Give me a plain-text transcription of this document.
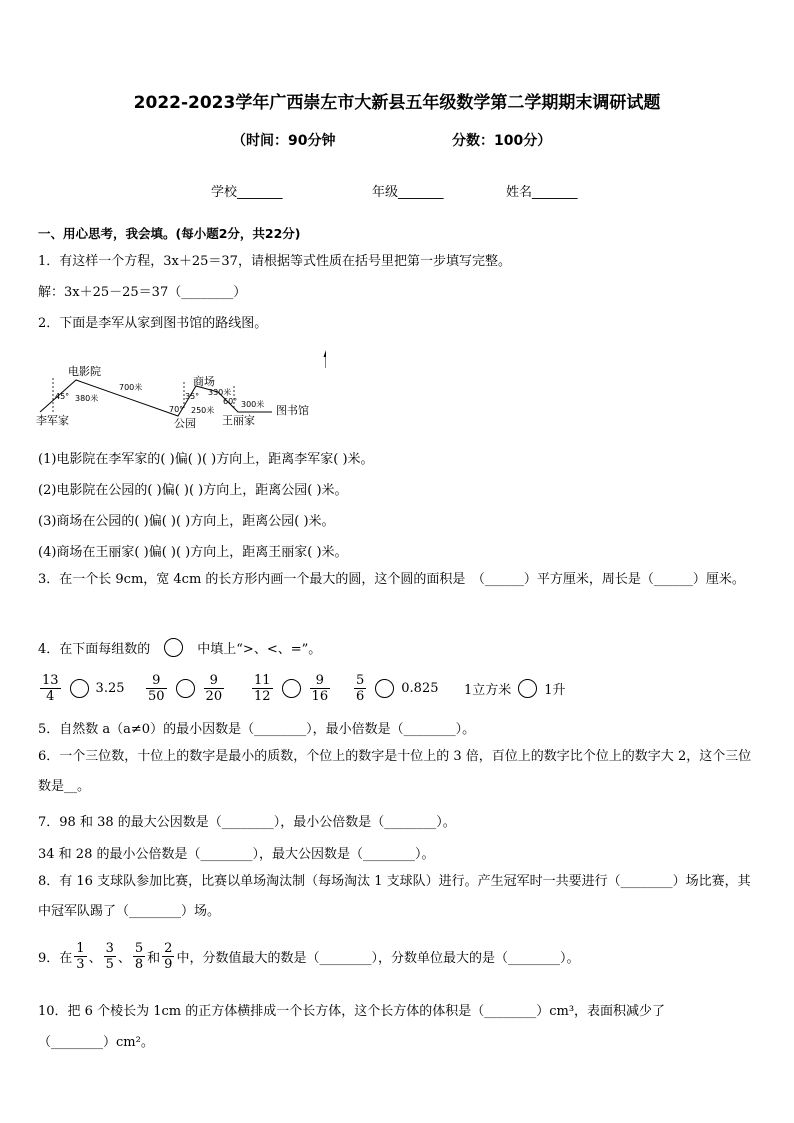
2022-2023学年广西崇左市大新县五年级数学第二学期期末调研试题
（时间：90分钟	分数：100分）
学校_______	年级_______	姓名_______
一、用心思考，我会填。(每小题2分，共22分)
1．有这样一个方程，3x＋25＝37，请根据等式性质在括号里把第一步填写完整。
解：3x＋25－25＝37（________）
2．下面是李军从家到图书馆的路线图。
李军家
电影院
公园
商场
王丽家
图书馆
380米
700米
250米
330米
300米
45°
70°
35°
60°
(1)电影院在李军家的( )偏( )( )方向上，距离李军家( )米。
(2)电影院在公园的( )偏( )( )方向上，距离公园( )米。
(3)商场在公园的( )偏( )( )方向上，距离公园( )米。
(4)商场在王丽家( )偏( )( )方向上，距离王丽家( )米。
3．在一个长 9cm，宽 4cm 的长方形内画一个最大的圆，这个圆的面积是　（______）平方厘米，周长是（______）厘米。
4．在下面每组数的	中填上“>、<、=”。
$\frac{13}{4}$	$3.25 \frac{9}{50}$	$\frac{9}{20} \frac{11}{12}$	$\frac{9}{16} \frac{5}{6}$	0.825 1立方米	1升
5．自然数 a（a≠0）的最小因数是（________），最小倍数是（________）。
6．一个三位数，十位上的数字是最小的质数，个位上的数字是十位上的 3 倍，百位上的数字比个位上的数字大 2，这个三位数是__。
7．98 和 38 的最大公因数是（________），最小公倍数是（________）。
34 和 28 的最小公倍数是（________），最大公因数是（________）。
8．有 16 支球队参加比赛，比赛以单场淘汰制（每场淘汰 1 支球队）进行。产生冠军时一共要进行（________）场比赛，其中冠军队踢了（________）场。
9．在 $\frac{1}{3}$ 、 $\frac{3}{5}$ 、 $\frac{5}{8}$ 和 $\frac{2}{9}$ 中，分数值最大的数是（________），分数单位最大的是（________）。
10．把 6 个棱长为 1cm 的正方体横排成一个长方体，这个长方体的体积是（________）cm³，表面积减少了
（________）cm²。
